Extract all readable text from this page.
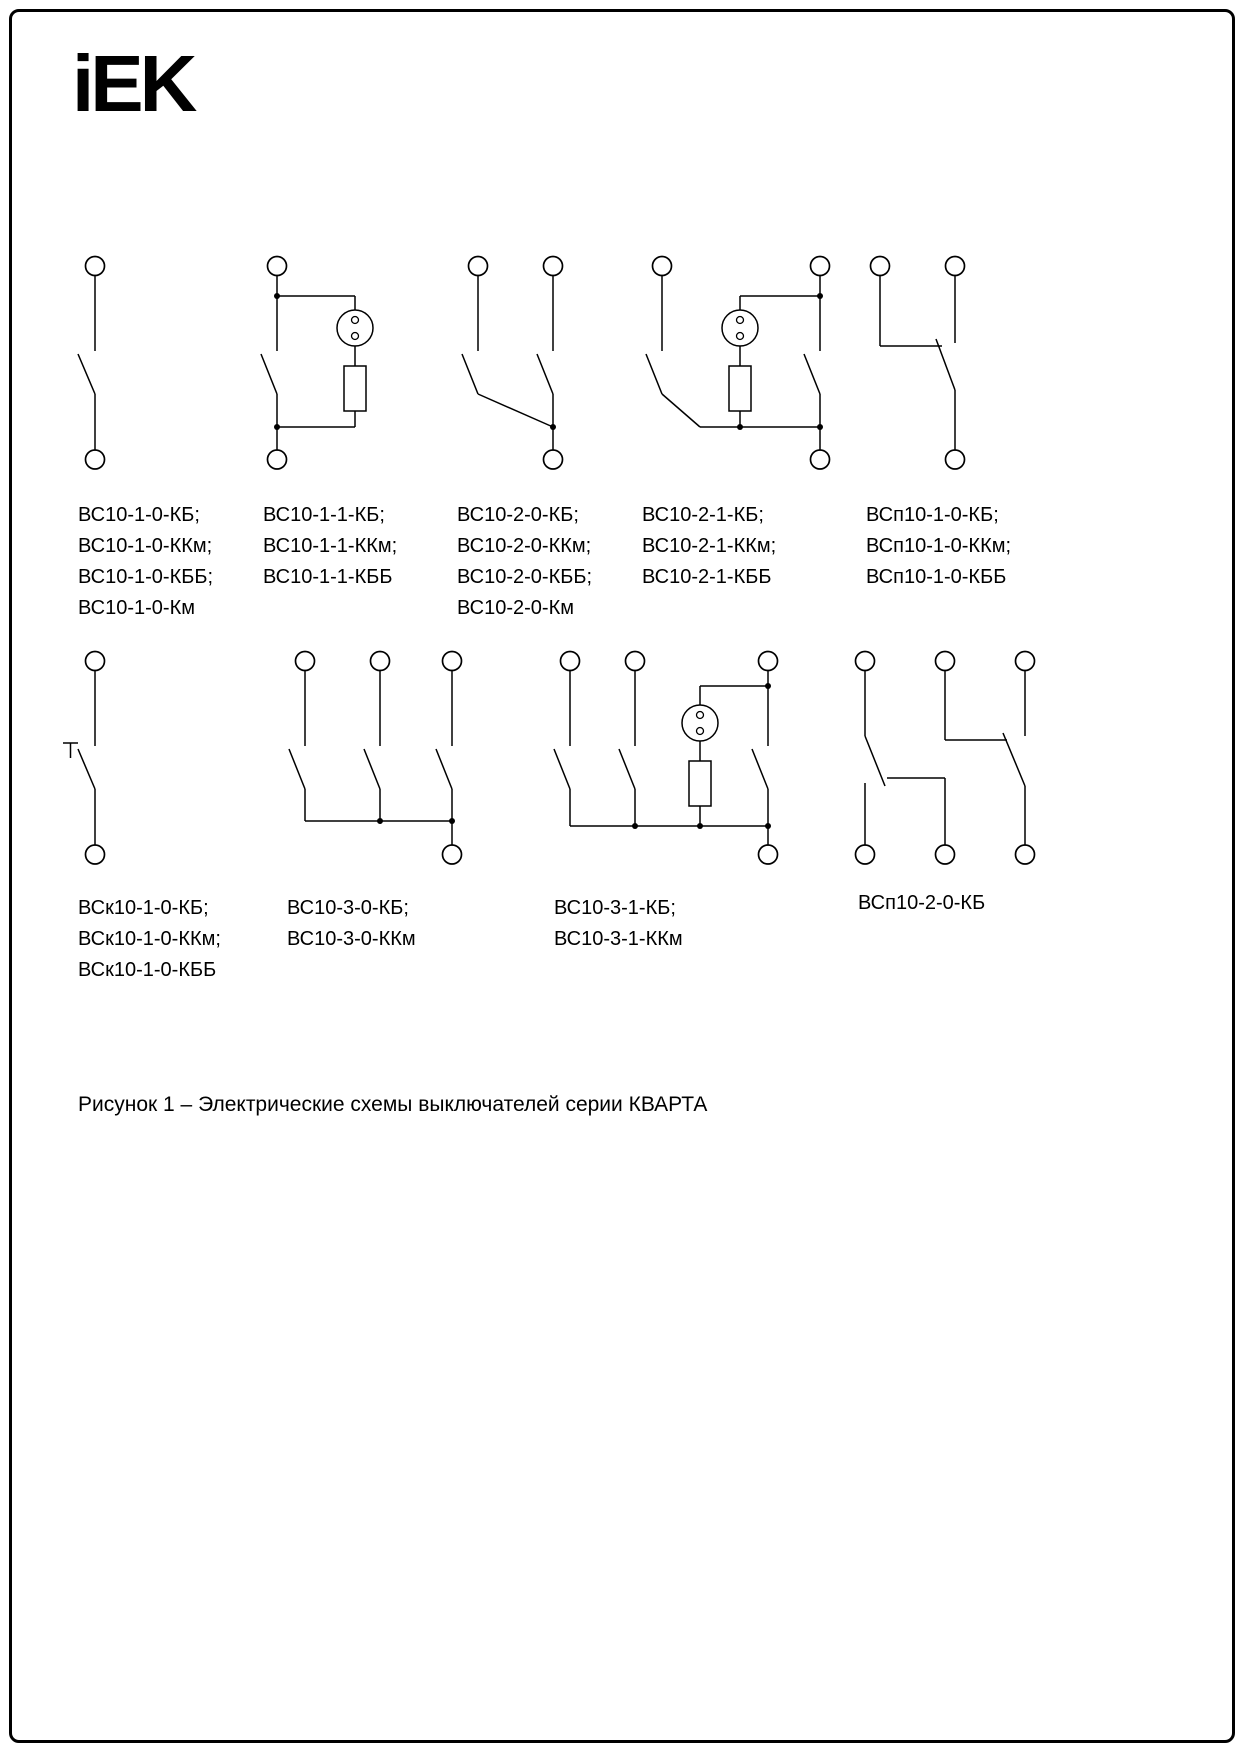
iEK
ВС10-1-0-КБ;
ВС10-1-0-ККм;
ВС10-1-0-КББ;
ВС10-1-0-Км
ВС10-1-1-КБ;
ВС10-1-1-ККм;
ВС10-1-1-КББ
ВС10-2-0-КБ;
ВС10-2-0-ККм;
ВС10-2-0-КББ;
ВС10-2-0-Км
ВС10-2-1-КБ;
ВС10-2-1-ККм;
ВС10-2-1-КББ
ВСп10-1-0-КБ;
ВСп10-1-0-ККм;
ВСп10-1-0-КББ
ВСк10-1-0-КБ;
ВСк10-1-0-ККм;
ВСк10-1-0-КББ
ВС10-3-0-КБ;
ВС10-3-0-ККм
ВС10-3-1-КБ;
ВС10-3-1-ККм
ВСп10-2-0-КБ
Рисунок 1 – Электрические схемы выключателей серии КВАРТА
